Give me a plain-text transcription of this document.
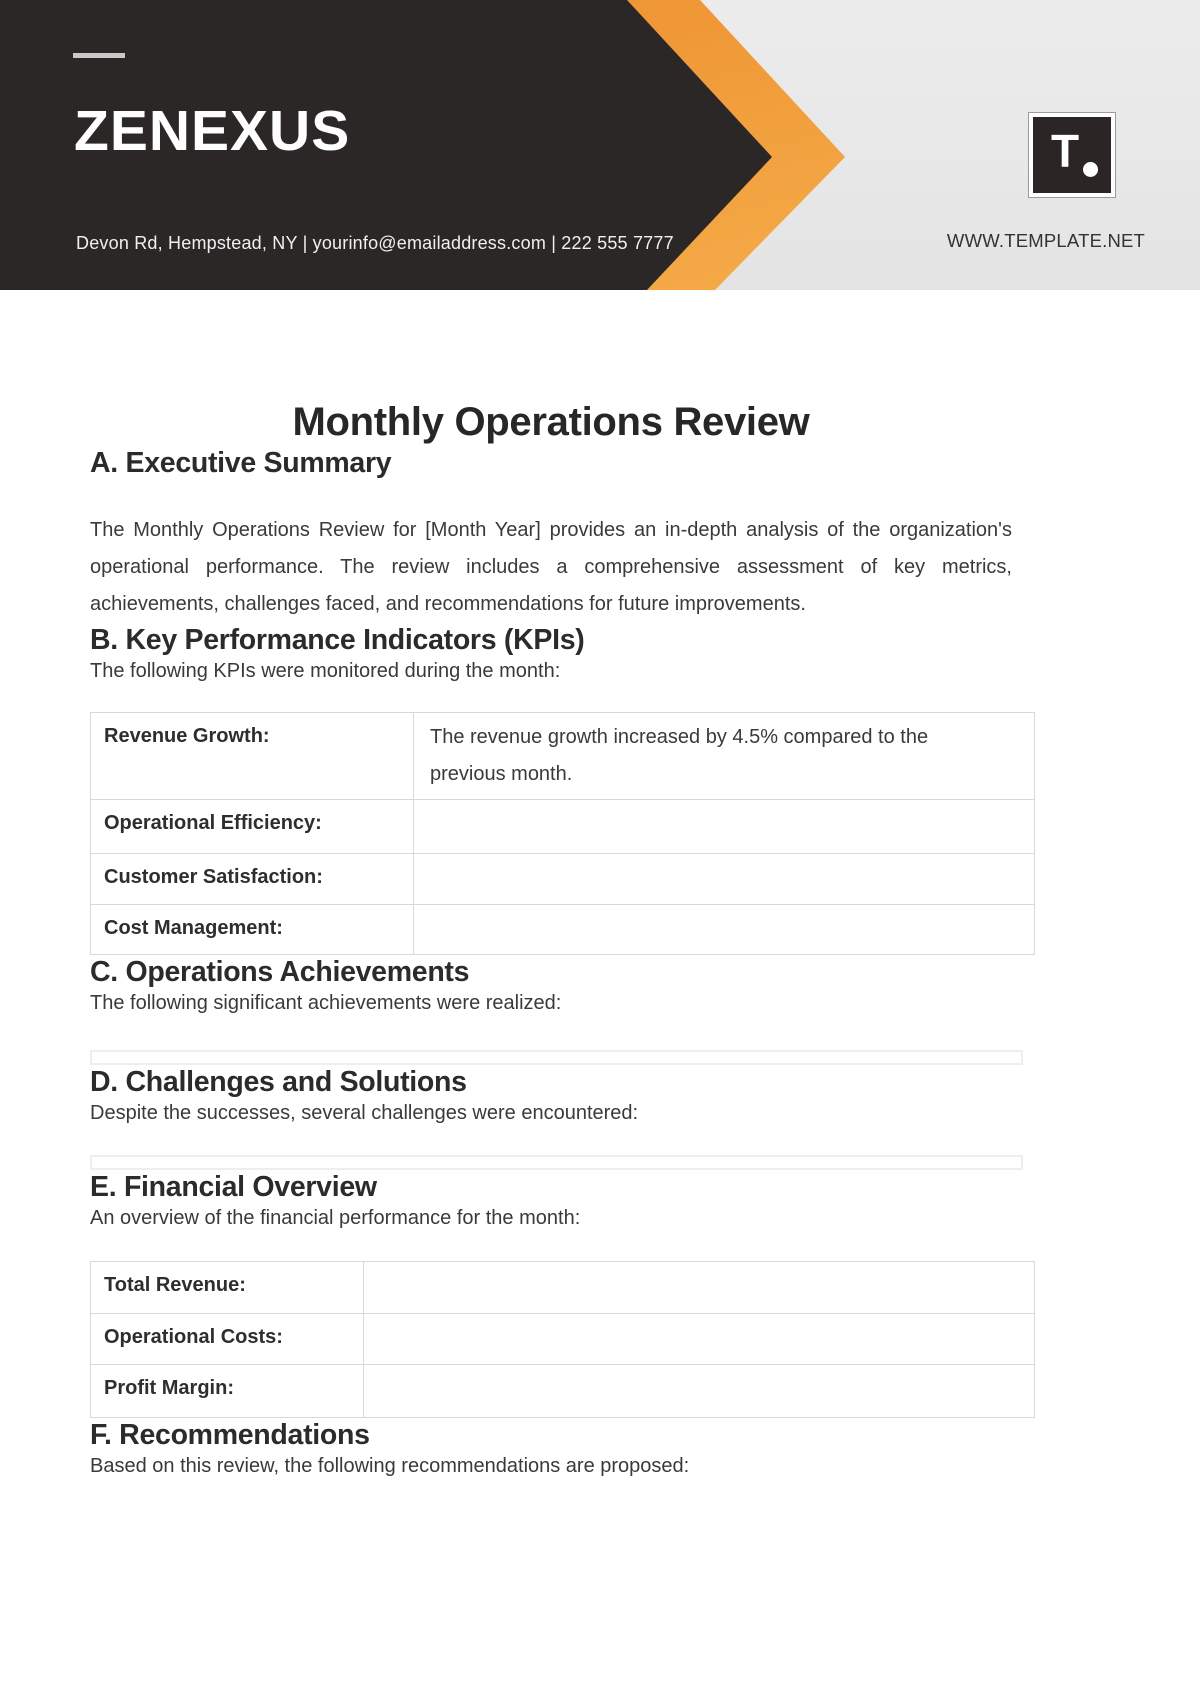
ZENEXUS
Devon Rd, Hempstead, NY | yourinfo@emailaddress.com | 222 555 7777
T
WWW.TEMPLATE.NET
Monthly Operations Review
A. Executive Summary

The Monthly Operations Review for [Month Year] provides an in-depth analysis of the organization's operational performance. The review includes a comprehensive assessment of key metrics, achievements, challenges faced, and recommendations for future improvements.

B. Key Performance Indicators (KPIs)

The following KPIs were monitored during the month:

Revenue Growth:	The revenue growth increased by 4.5% compared to the previous month.

Operational Efficiency:	

Customer Satisfaction:	

Cost Management:	

C. Operations Achievements

The following significant achievements were realized:

D. Challenges and Solutions

Despite the successes, several challenges were encountered:

E. Financial Overview

An overview of the financial performance for the month:

Total Revenue:	

Operational Costs:	

Profit Margin:	

F. Recommendations

Based on this review, the following recommendations are proposed:
